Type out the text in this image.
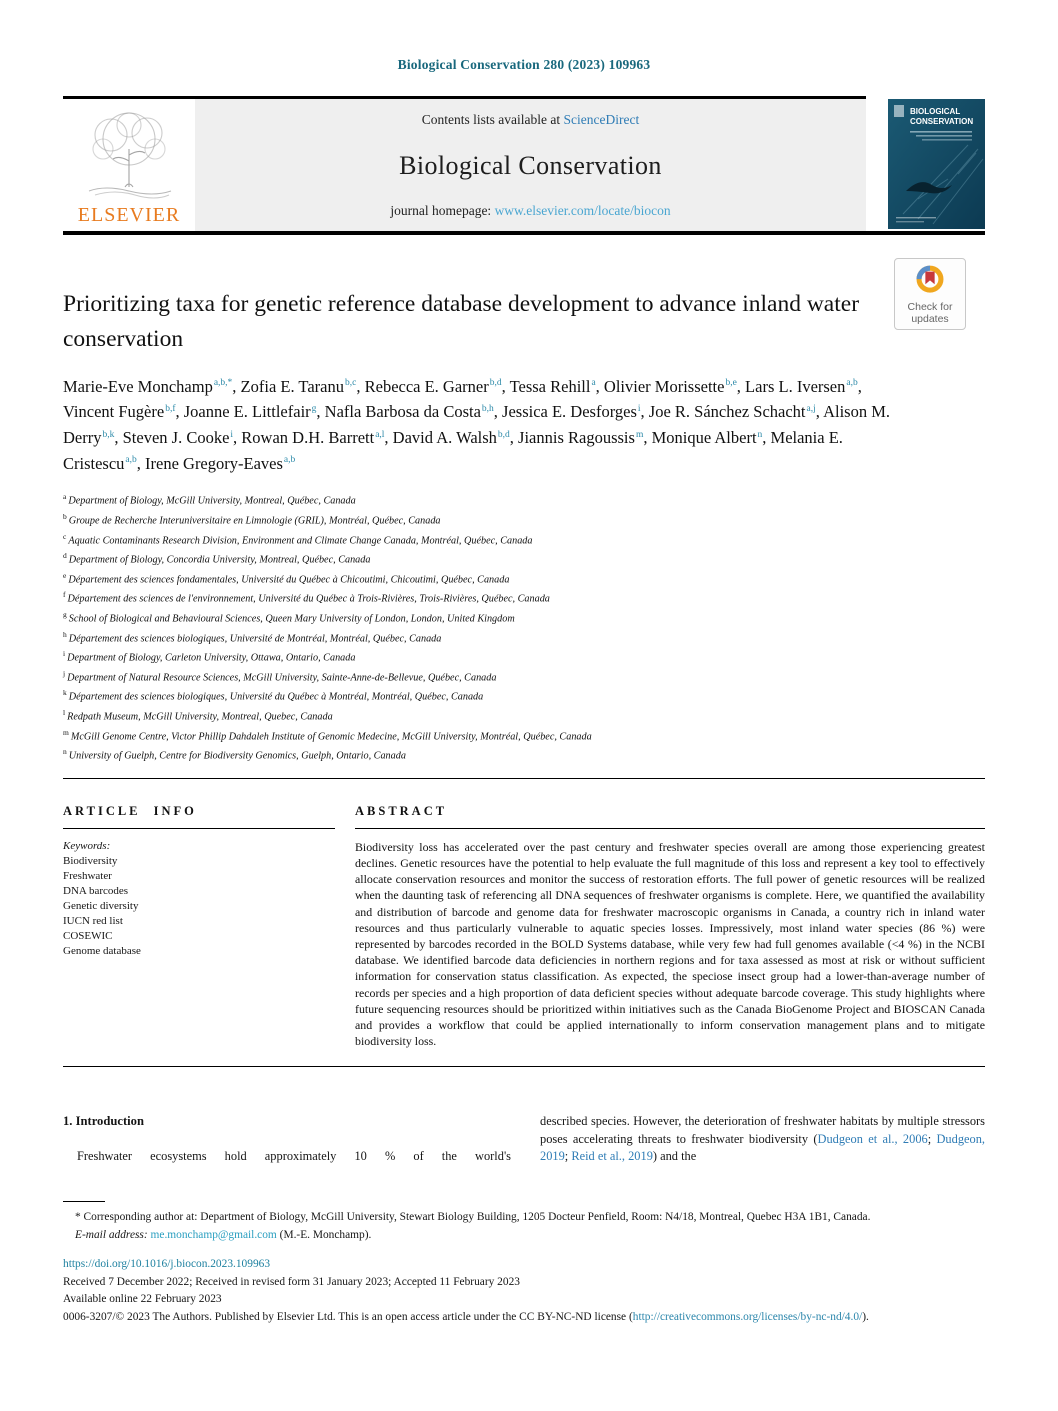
Biological Conservation 280 (2023) 109963
ELSEVIER
Contents lists available at ScienceDirect
Biological Conservation
journal homepage: www.elsevier.com/locate/biocon
BIOLOGICAL
CONSERVATION
Prioritizing taxa for genetic reference database development to advance inland water conservation
Marie-Eve Monchamp$^{a,b,*}$, Zofia E. Taranu$^{b,c}$, Rebecca E. Garner$^{b,d}$, Tessa Rehill$^a$, Olivier Morissette$^{b,e}$, Lars L. Iversen$^{a,b}$, Vincent Fugère$^{b,f}$, Joanne E. Littlefair$^g$, Nafla Barbosa da Costa$^{b,h}$, Jessica E. Desforges$^i$, Joe R. Sánchez Schacht$^{a,j}$, Alison M. Derry$^{b,k}$, Steven J. Cooke$^i$, Rowan D.H. Barrett$^{a,l}$, David A. Walsh$^{b,d}$, Jiannis Ragoussis$^m$, Monique Albert$^n$, Melania E. Cristescu$^{a,b}$, Irene Gregory-Eaves$^{a,b}$
$^a$ Department of Biology, McGill University, Montreal, Québec, Canada
$^b$ Groupe de Recherche Interuniversitaire en Limnologie (GRIL), Montréal, Québec, Canada
$^c$ Aquatic Contaminants Research Division, Environment and Climate Change Canada, Montréal, Québec, Canada
$^d$ Department of Biology, Concordia University, Montreal, Québec, Canada
$^e$ Département des sciences fondamentales, Université du Québec à Chicoutimi, Chicoutimi, Québec, Canada
$^f$ Département des sciences de l'environnement, Université du Québec à Trois-Rivières, Trois-Rivières, Québec, Canada
$^g$ School of Biological and Behavioural Sciences, Queen Mary University of London, London, United Kingdom
$^h$ Département des sciences biologiques, Université de Montréal, Montréal, Québec, Canada
$^i$ Department of Biology, Carleton University, Ottawa, Ontario, Canada
$^j$ Department of Natural Resource Sciences, McGill University, Sainte-Anne-de-Bellevue, Québec, Canada
$^k$ Département des sciences biologiques, Université du Québec à Montréal, Montréal, Québec, Canada
$^l$ Redpath Museum, McGill University, Montreal, Quebec, Canada
$^m$ McGill Genome Centre, Victor Phillip Dahdaleh Institute of Genomic Medecine, McGill University, Montréal, Québec, Canada
$^n$ University of Guelph, Centre for Biodiversity Genomics, Guelph, Ontario, Canada
ARTICLE INFO
Keywords:
Biodiversity
Freshwater
DNA barcodes
Genetic diversity
IUCN red list
COSEWIC
Genome database
ABSTRACT

Biodiversity loss has accelerated over the past century and freshwater species overall are among those experiencing greatest declines. Genetic resources have the potential to help evaluate the full magnitude of this loss and represent a key tool to effectively allocate conservation resources and monitor the success of restoration efforts. The full power of genetic resources will be realized when the daunting task of referencing all DNA sequences of freshwater organisms is complete. Here, we quantified the availability and distribution of barcode and genome data for freshwater macroscopic organisms in Canada, a country rich in inland water resources and thus particularly vulnerable to aquatic species losses. Impressively, most inland water species (86 %) were represented by barcodes recorded in the BOLD Systems database, while very few had full genomes available (<4 %) in the NCBI database. We identified barcode data deficiencies in northern regions and for taxa assessed as most at risk or without sufficient information for conservation status classification. As expected, the speciose insect group had a lower-than-average number of records per species and a high proportion of data deficient species without adequate barcode coverage. This study highlights where future sequencing resources should be prioritized within initiatives such as the Canada BioGenome Project and BIOSCAN Canada and provides a workflow that could be applied internationally to inform conservation management plans and to mitigate biodiversity loss.

1. Introduction

Freshwater ecosystems hold approximately 10 % of the world's

described species. However, the deterioration of freshwater habitats by multiple stressors poses accelerating threats to freshwater biodiversity (Dudgeon et al., 2006; Dudgeon, 2019; Reid et al., 2019) and the

* Corresponding author at: Department of Biology, McGill University, Stewart Biology Building, 1205 Docteur Penfield, Room: N4/18, Montreal, Quebec H3A 1B1, Canada.

E-mail address: me.monchamp@gmail.com (M.-E. Monchamp).

https://doi.org/10.1016/j.biocon.2023.109963
Received 7 December 2022; Received in revised form 31 January 2023; Accepted 11 February 2023
Available online 22 February 2023
0006-3207/© 2023 The Authors. Published by Elsevier Ltd. This is an open access article under the CC BY-NC-ND license (http://creativecommons.org/licenses/by-nc-nd/4.0/).
Check for
updates
